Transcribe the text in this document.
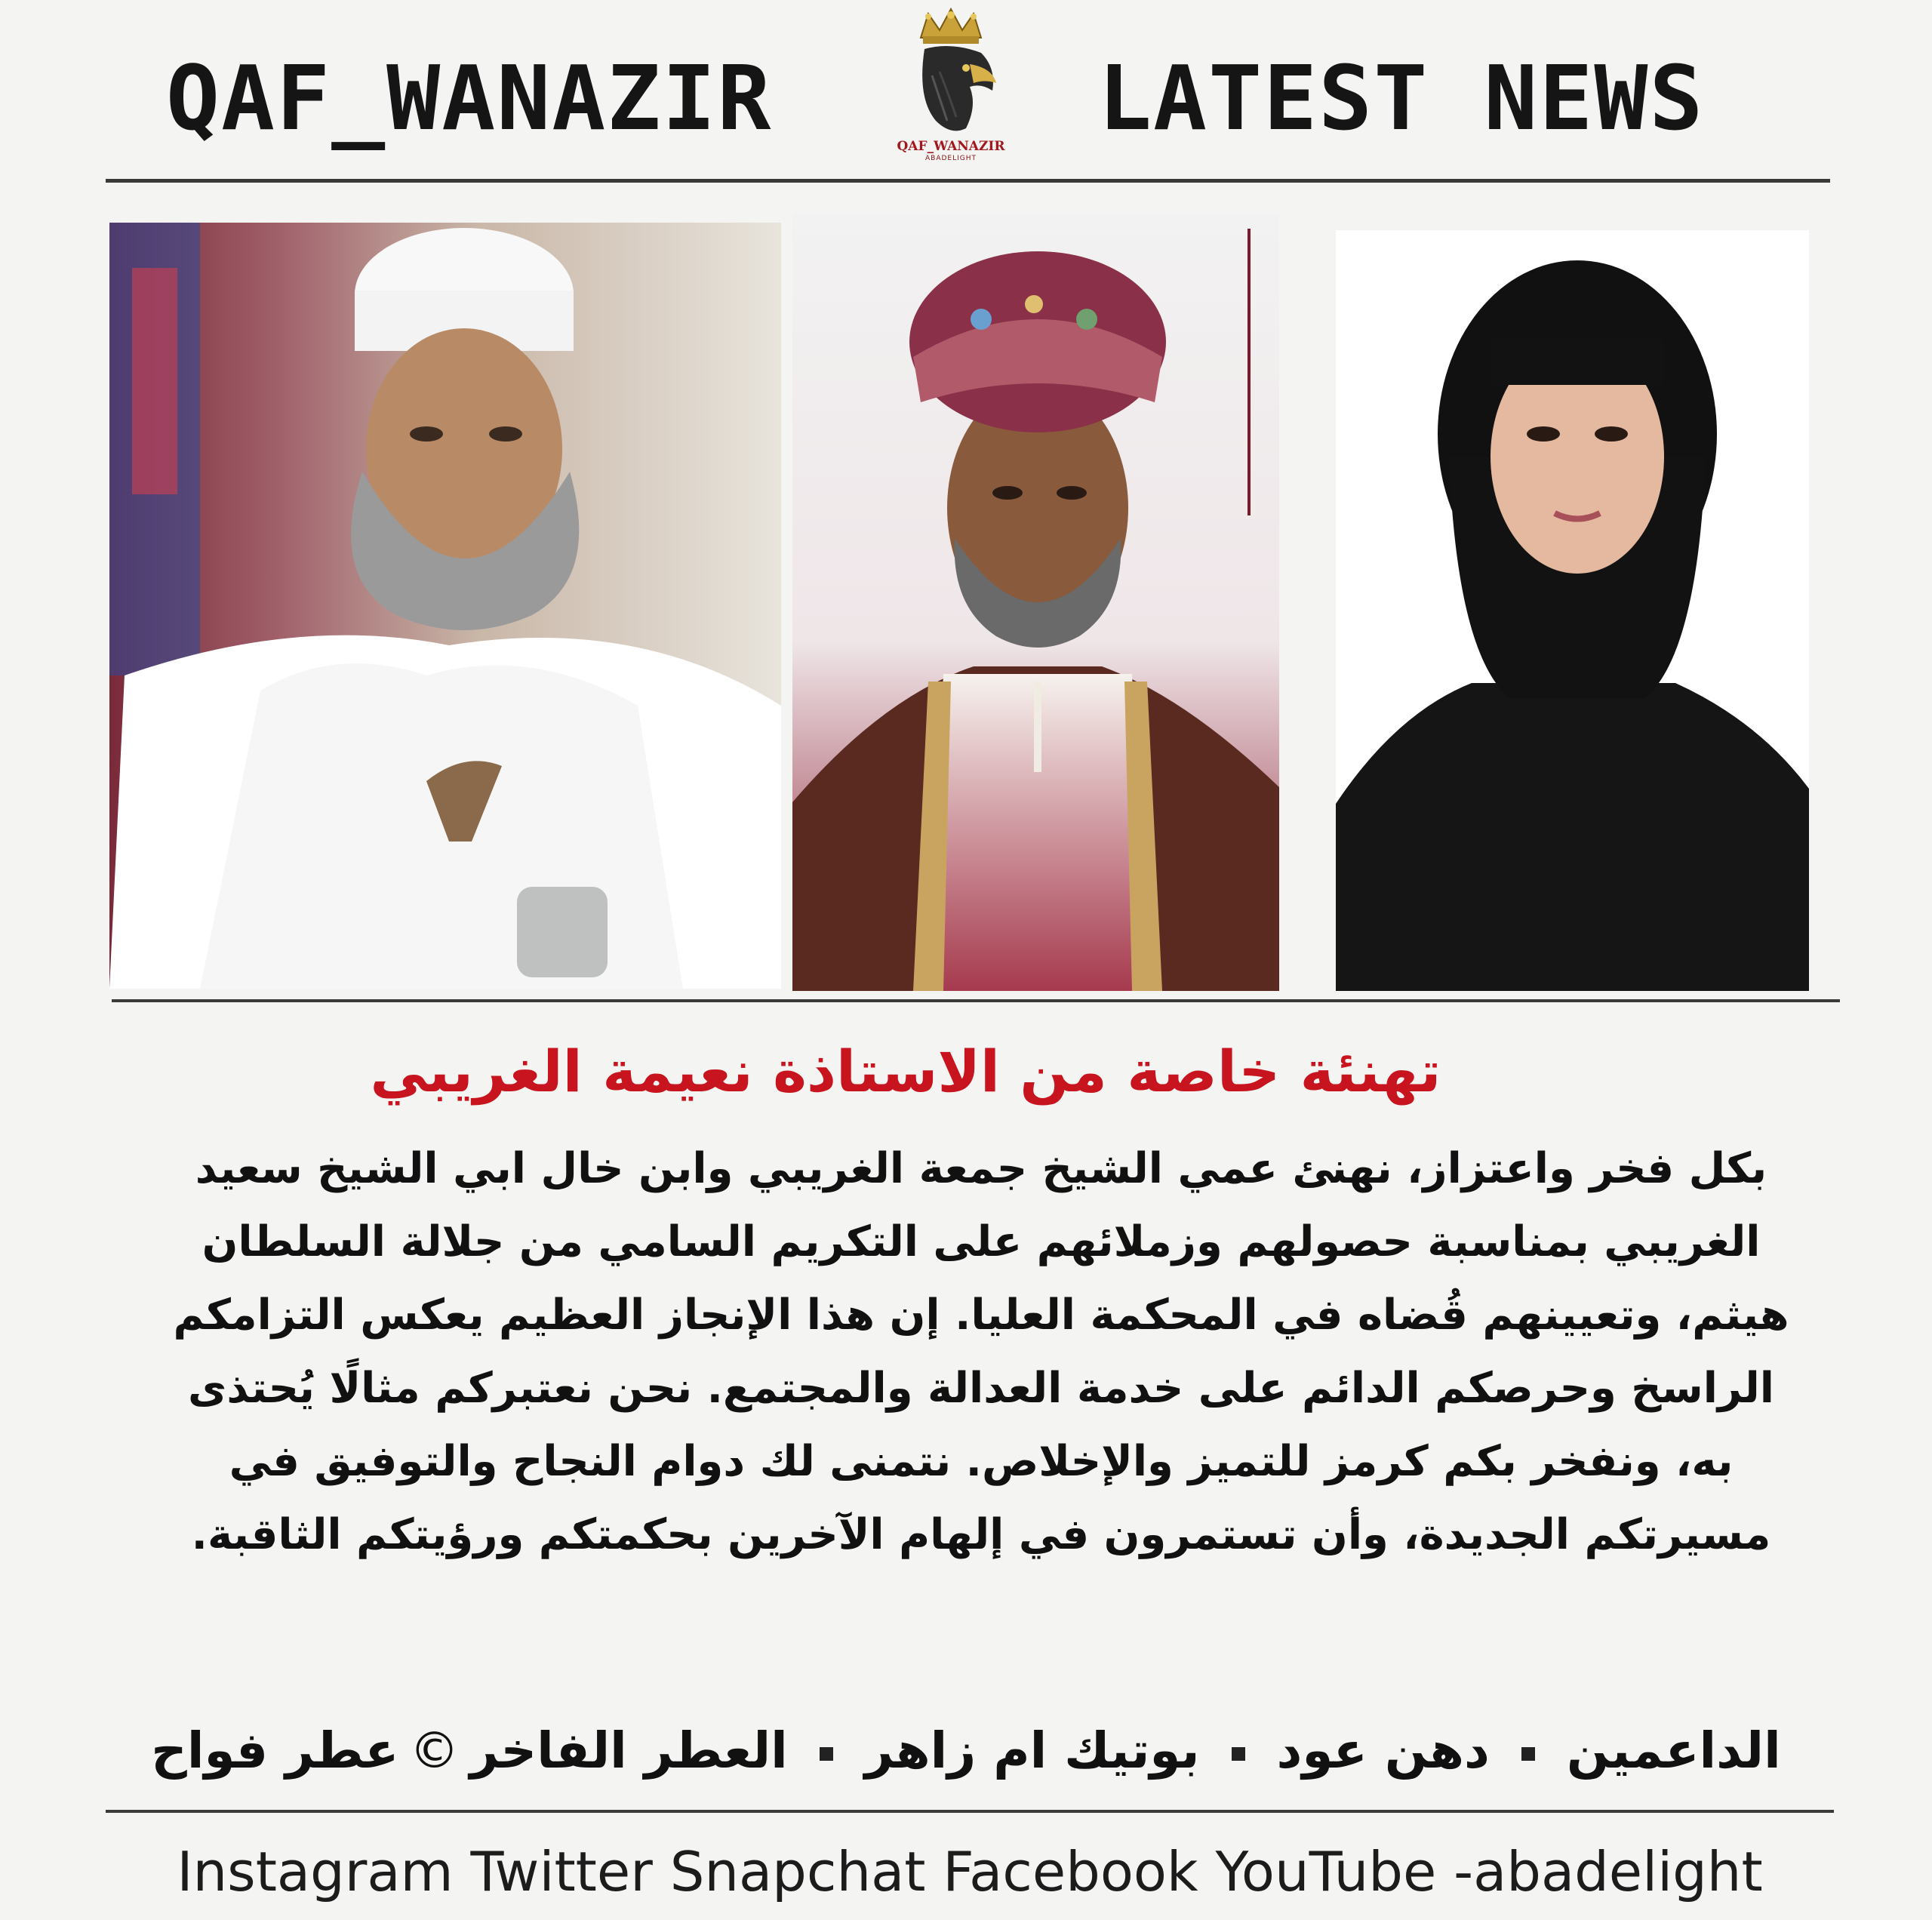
QAF_WANAZIR	QAF_WANAZIR
ABADELIGHT
LATEST NEWS
تهنئة خاصة من الاستاذة نعيمة الغريبي
بكل فخر واعتزاز، نهنئ عمي الشيخ جمعة الغريبي وابن خال ابي الشيخ سعيد الغريبي بمناسبة حصولهم وزملائهم على التكريم السامي من جلالة السلطان هيثم، وتعيينهم قُضاه في المحكمة العليا. إن هذا الإنجاز العظيم يعكس التزامكم الراسخ وحرصكم الدائم على خدمة العدالة والمجتمع. نحن نعتبركم مثالًا يُحتذى به، ونفخر بكم كرمز للتميز والإخلاص. نتمنى لك دوام النجاح والتوفيق في مسيرتكم الجديدة، وأن تستمرون في إلهام الآخرين بحكمتكم ورؤيتكم الثاقبة.
الداعميندهن عودبوتيك ام زاهرالعطر الفاخر©عطر فواح
Instagram Twitter Snapchat Facebook YouTube -abadelight
